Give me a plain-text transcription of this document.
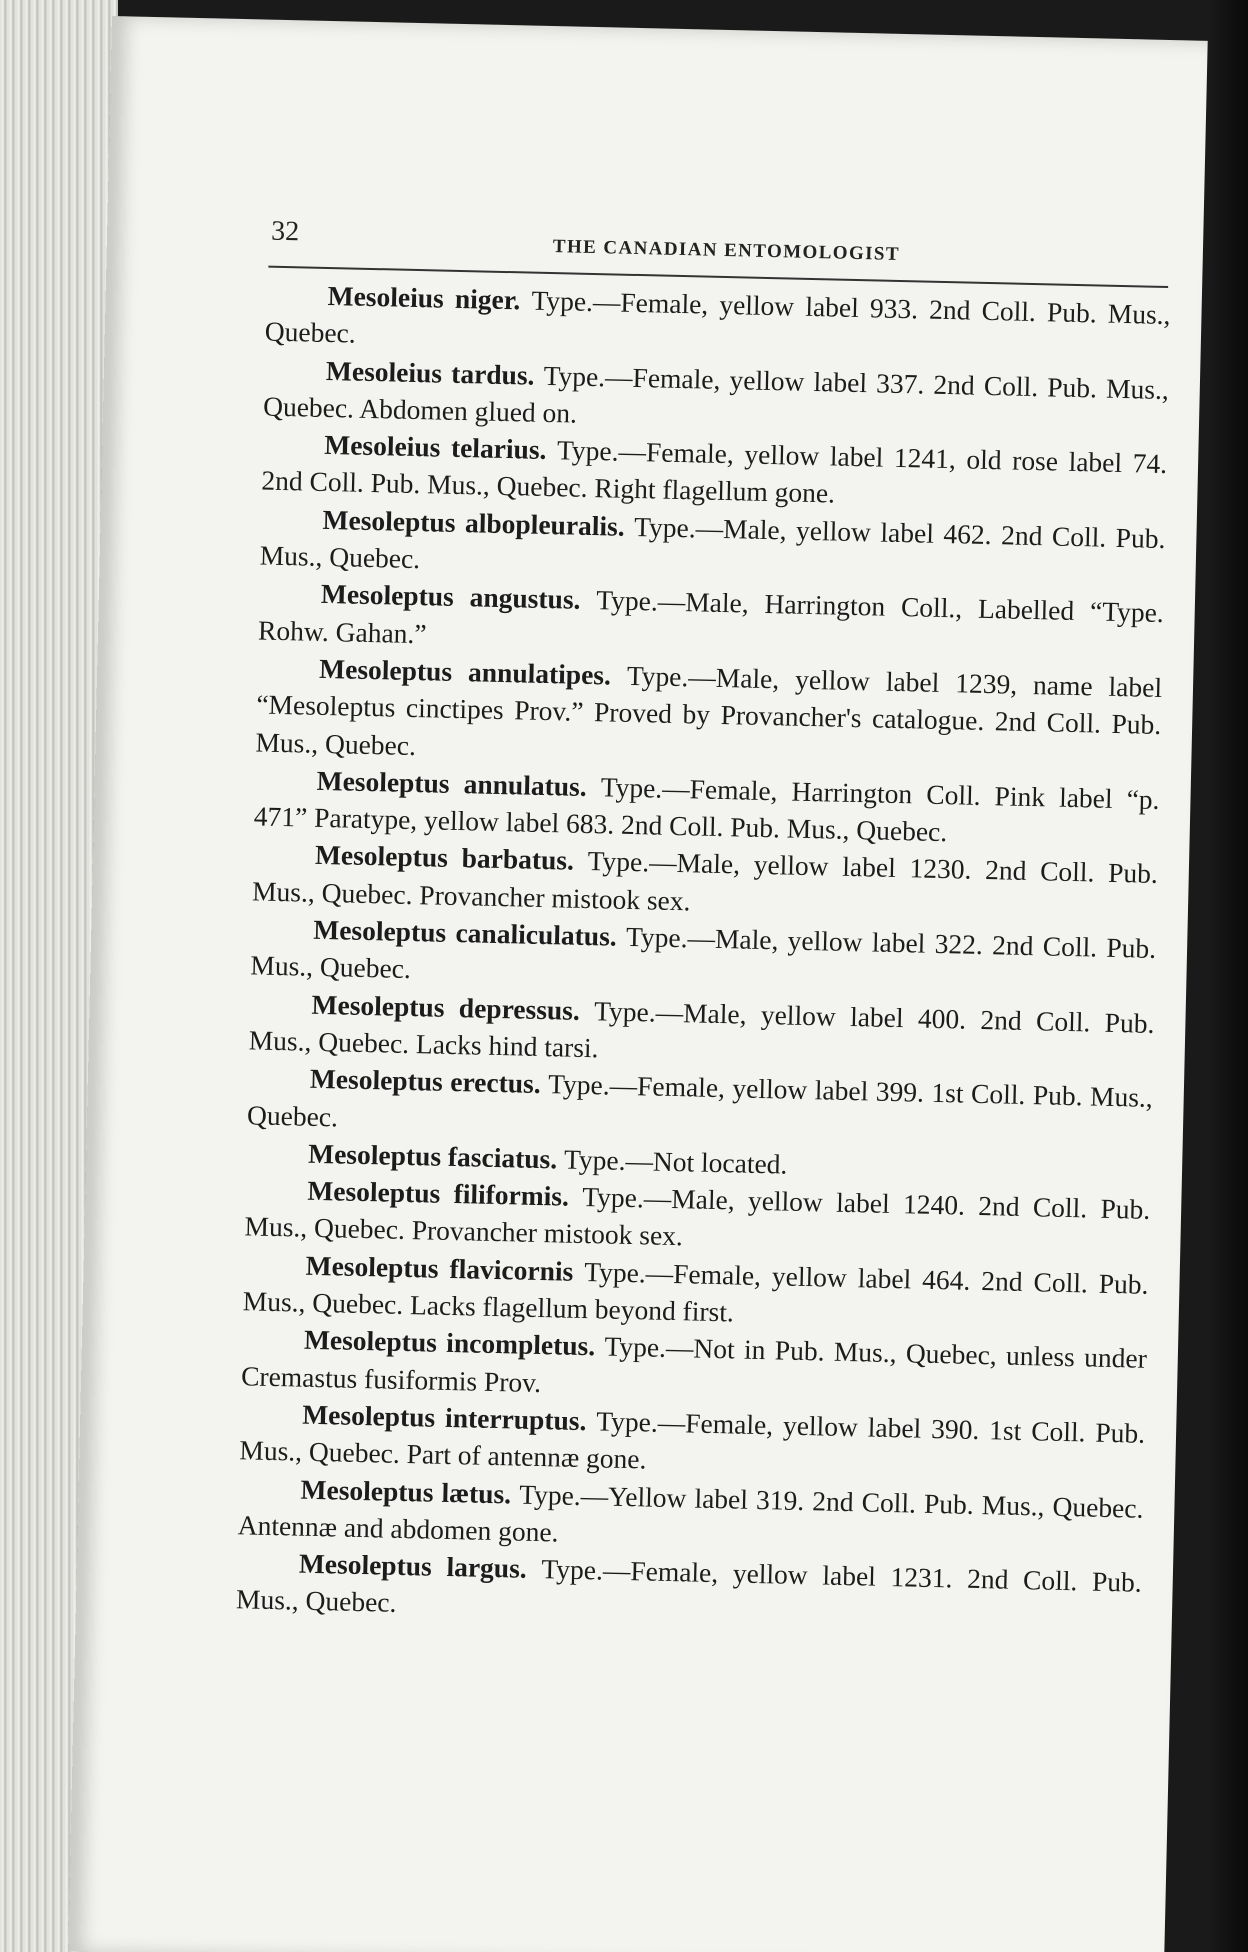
32
THE CANADIAN ENTOMOLOGIST

Mesoleius niger. Type.—Female, yellow label 933. 2nd Coll. Pub. Mus., Quebec.

Mesoleius tardus. Type.—Female, yellow label 337. 2nd Coll. Pub. Mus., Quebec. Abdomen glued on.

Mesoleius telarius. Type.—Female, yellow label 1241, old rose label 74. 2nd Coll. Pub. Mus., Quebec. Right flagellum gone.

Mesoleptus albopleuralis. Type.—Male, yellow label 462. 2nd Coll. Pub. Mus., Quebec.

Mesoleptus angustus. Type.—Male, Harrington Coll., Labelled “Type. Rohw. Gahan.”

Mesoleptus annulatipes. Type.—Male, yellow label 1239, name label “Mesoleptus cinctipes Prov.” Proved by Provancher's catalogue. 2nd Coll. Pub. Mus., Quebec.

Mesoleptus annulatus. Type.—Female, Harrington Coll. Pink label “p. 471” Paratype, yellow label 683. 2nd Coll. Pub. Mus., Quebec.

Mesoleptus barbatus. Type.—Male, yellow label 1230. 2nd Coll. Pub. Mus., Quebec. Provancher mistook sex.

Mesoleptus canaliculatus. Type.—Male, yellow label 322. 2nd Coll. Pub. Mus., Quebec.

Mesoleptus depressus. Type.—Male, yellow label 400. 2nd Coll. Pub. Mus., Quebec. Lacks hind tarsi.

Mesoleptus erectus. Type.—Female, yellow label 399. 1st Coll. Pub. Mus., Quebec.

Mesoleptus fasciatus. Type.—Not located.

Mesoleptus filiformis. Type.—Male, yellow label 1240. 2nd Coll. Pub. Mus., Quebec. Provancher mistook sex.

Mesoleptus flavicornis Type.—Female, yellow label 464. 2nd Coll. Pub. Mus., Quebec. Lacks flagellum beyond first.

Mesoleptus incompletus. Type.—Not in Pub. Mus., Quebec, unless under Cremastus fusiformis Prov.

Mesoleptus interruptus. Type.—Female, yellow label 390. 1st Coll. Pub. Mus., Quebec. Part of antennæ gone.

Mesoleptus lætus. Type.—Yellow label 319. 2nd Coll. Pub. Mus., Quebec. Antennæ and abdomen gone.

Mesoleptus largus. Type.—Female, yellow label 1231. 2nd Coll. Pub. Mus., Quebec.
